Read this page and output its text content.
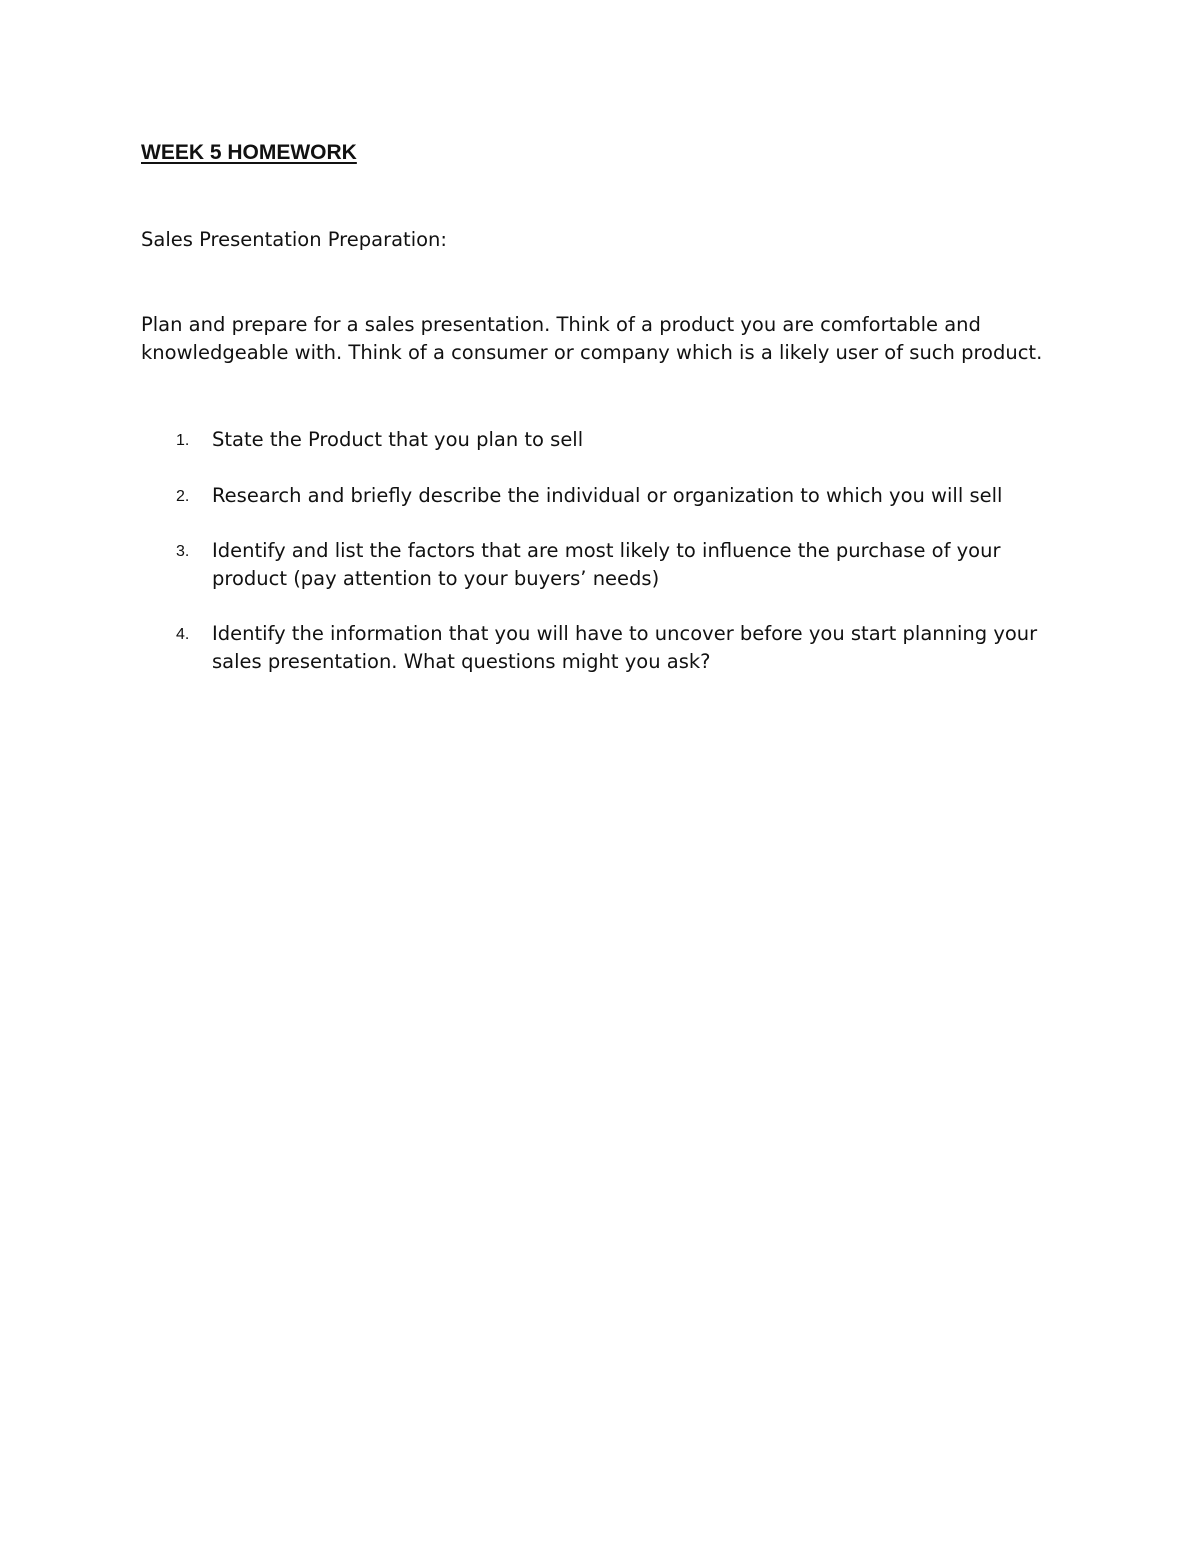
WEEK 5 HOMEWORK

Sales Presentation Preparation:

Plan and prepare for a sales presentation. Think of a product you are comfortable and knowledgeable with. Think of a consumer or company which is a likely user of such product.

1. State the Product that you plan to sell
2. Research and briefly describe the individual or organization to which you will sell
3. Identify and list the factors that are most likely to influence the purchase of your product (pay attention to your buyers’ needs)
4. Identify the information that you will have to uncover before you start planning your sales presentation. What questions might you ask?
